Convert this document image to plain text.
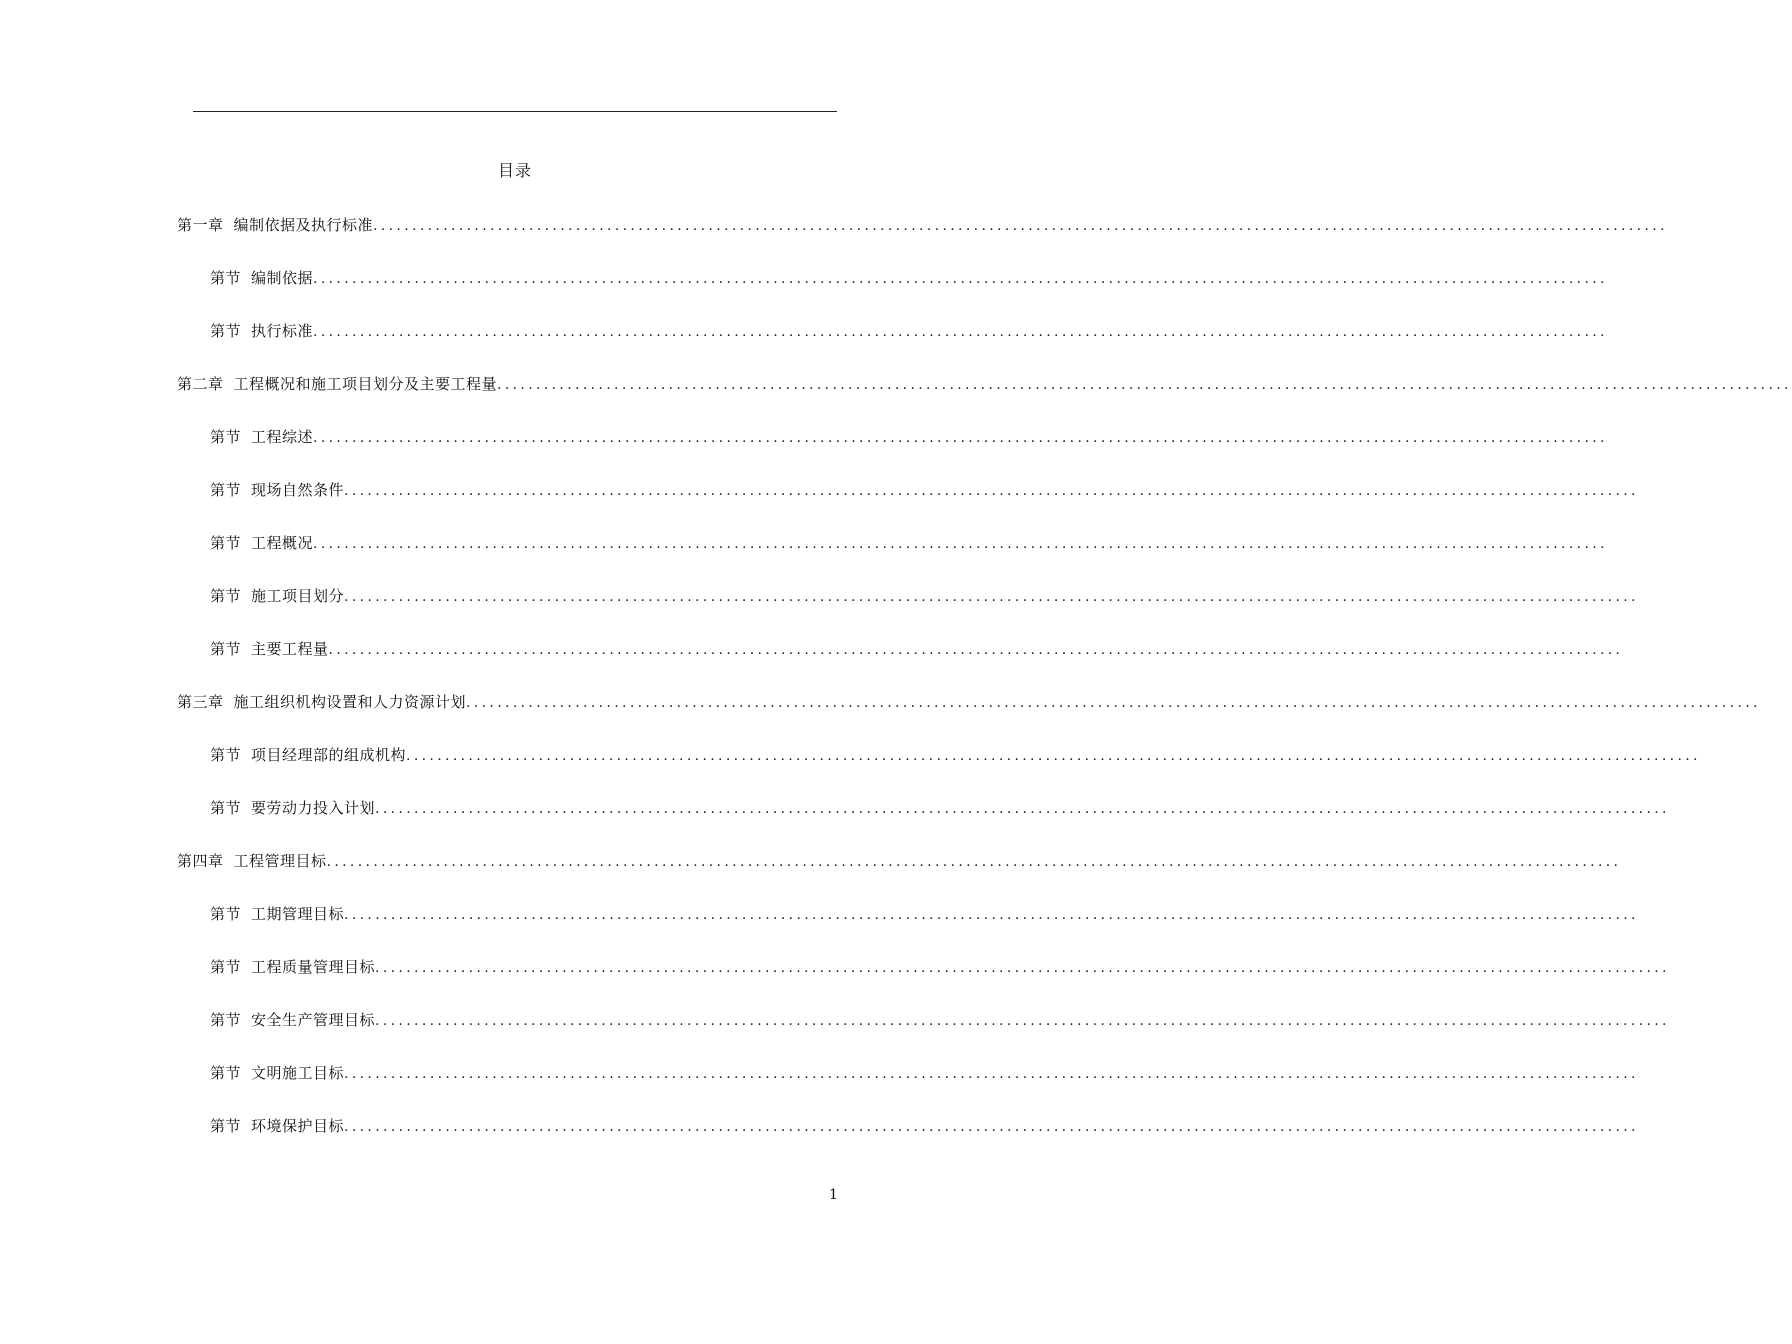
目录
第一章 编制依据及执行标准 ......................................................................................................................................................................
第节 编制依据 ......................................................................................................................................................................
第节 执行标准 ......................................................................................................................................................................
第二章 工程概况和施工项目划分及主要工程量 ......................................................................................................................................................................
第节 工程综述 ......................................................................................................................................................................
第节 现场自然条件 ......................................................................................................................................................................
第节 工程概况 ......................................................................................................................................................................
第节 施工项目划分 ......................................................................................................................................................................
第节 主要工程量 ......................................................................................................................................................................
第三章 施工组织机构设置和人力资源计划 ......................................................................................................................................................................
第节 项目经理部的组成机构 ......................................................................................................................................................................
第节 要劳动力投入计划 ......................................................................................................................................................................
第四章 工程管理目标 ......................................................................................................................................................................
第节 工期管理目标 ......................................................................................................................................................................
第节 工程质量管理目标 ......................................................................................................................................................................
第节 安全生产管理目标 ......................................................................................................................................................................
第节 文明施工目标 ......................................................................................................................................................................
第节 环境保护目标 ......................................................................................................................................................................
1
